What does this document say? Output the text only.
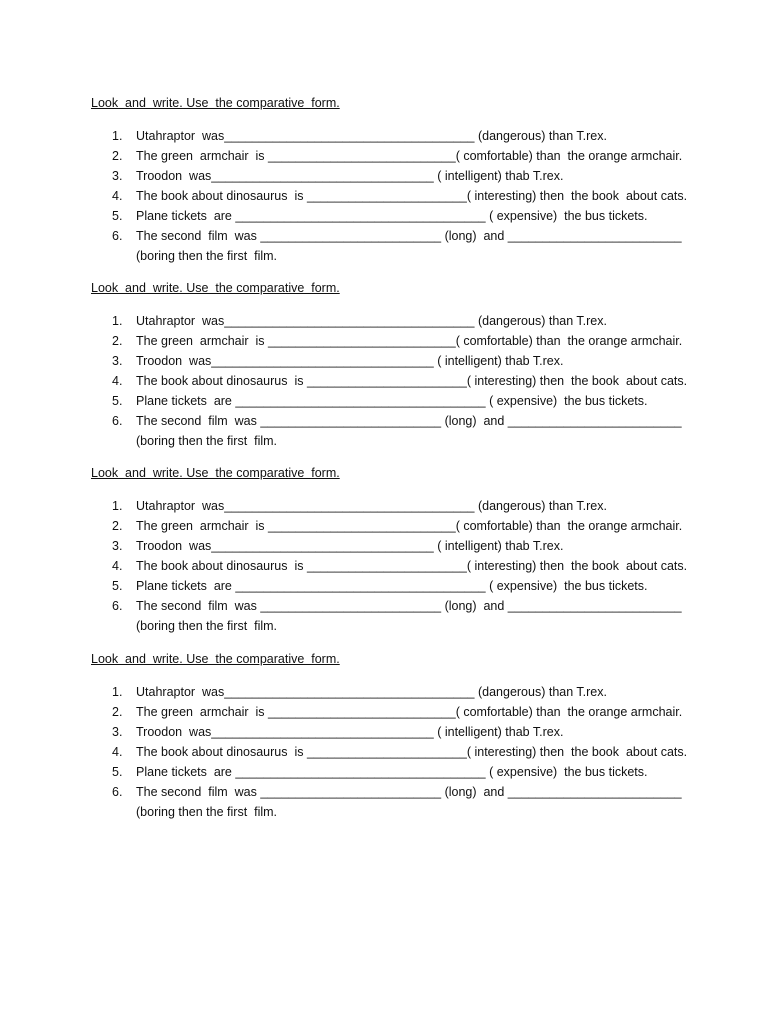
Look  and  write. Use  the comparative  form.
1.	Utahraptor  was____________________________________ (dangerous) than T.rex.
2.	The green  armchair  is ___________________________( comfortable) than  the orange armchair.
3.	Troodon  was________________________________ ( intelligent) thab T.rex.
4.	The book about dinosaurus  is _______________________( interesting) then  the book  about cats.
5.	Plane tickets  are ____________________________________ ( expensive)  the bus tickets.
6.	The second  film  was __________________________ (long)  and _________________________
(boring then the first  film.
Look  and  write. Use  the comparative  form.
1.	Utahraptor  was____________________________________ (dangerous) than T.rex.
2.	The green  armchair  is ___________________________( comfortable) than  the orange armchair.
3.	Troodon  was________________________________ ( intelligent) thab T.rex.
4.	The book about dinosaurus  is _______________________( interesting) then  the book  about cats.
5.	Plane tickets  are ____________________________________ ( expensive)  the bus tickets.
6.	The second  film  was __________________________ (long)  and _________________________
(boring then the first  film.
Look  and  write. Use  the comparative  form.
1.	Utahraptor  was____________________________________ (dangerous) than T.rex.
2.	The green  armchair  is ___________________________( comfortable) than  the orange armchair.
3.	Troodon  was________________________________ ( intelligent) thab T.rex.
4.	The book about dinosaurus  is _______________________( interesting) then  the book  about cats.
5.	Plane tickets  are ____________________________________ ( expensive)  the bus tickets.
6.	The second  film  was __________________________ (long)  and _________________________
(boring then the first  film.
Look  and  write. Use  the comparative  form.
1.	Utahraptor  was____________________________________ (dangerous) than T.rex.
2.	The green  armchair  is ___________________________( comfortable) than  the orange armchair.
3.	Troodon  was________________________________ ( intelligent) thab T.rex.
4.	The book about dinosaurus  is _______________________( interesting) then  the book  about cats.
5.	Plane tickets  are ____________________________________ ( expensive)  the bus tickets.
6.	The second  film  was __________________________ (long)  and _________________________
(boring then the first  film.
